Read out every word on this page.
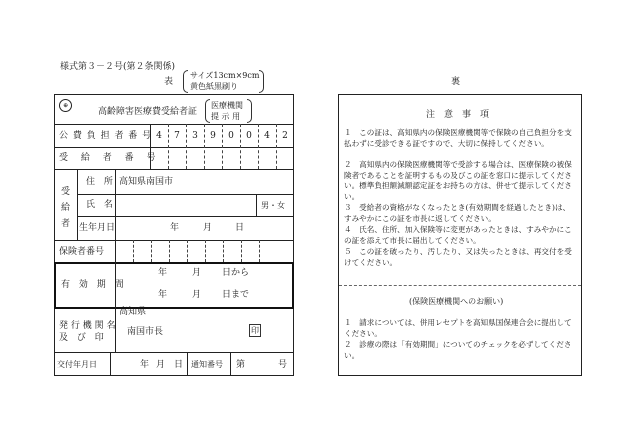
様式第３－２号(第２条関係)
表
サイズ13cm×9cm
黄色紙黒刷り	裏
⊕
高齢障害医療費受給者証
医療機関
提 示 用
公 費 負 担 者 番 号 4	7	3	9	0	0	4	2
受 給 者 番 号
受 給 者
住 所 高知県南国市
氏 名	男・女
生年月日	年	月	日
保険者番号
有 効 期 間
年	月 日から
年	月 日まで
発 行 機 関 名
及 び 印
高知県
南国市長	印
交付年月日	年 月 日 通知番号 第	号
注　意　事　項
１　この証は、高知県内の保険医療機関等で保険の自己負担分を支払わずに受診できる証ですので、大切に保持してください。
２　高知県内の保険医療機関等で受診する場合は、医療保険の被保険者であることを証明するもの及びこの証を窓口に提示してください。標準負担額減額認定証をお持ちの方は、併せて提示してください。
３　受給者の資格がなくなったとき(有効期間を経過したとき)は、すみやかにこの証を市長に返してください。
４　氏名、住所、加入保険等に変更があったときは、すみやかにこの証を添えて市長に届出してください。
５　この証を破ったり、汚したり、又は失ったときは、再交付を受けてください。
(保険医療機関へのお願い)
１　請求については、併用レセプトを高知県国保連合会に提出してください。
２　診療の際は「有効期間」についてのチェックを必ずしてください。
